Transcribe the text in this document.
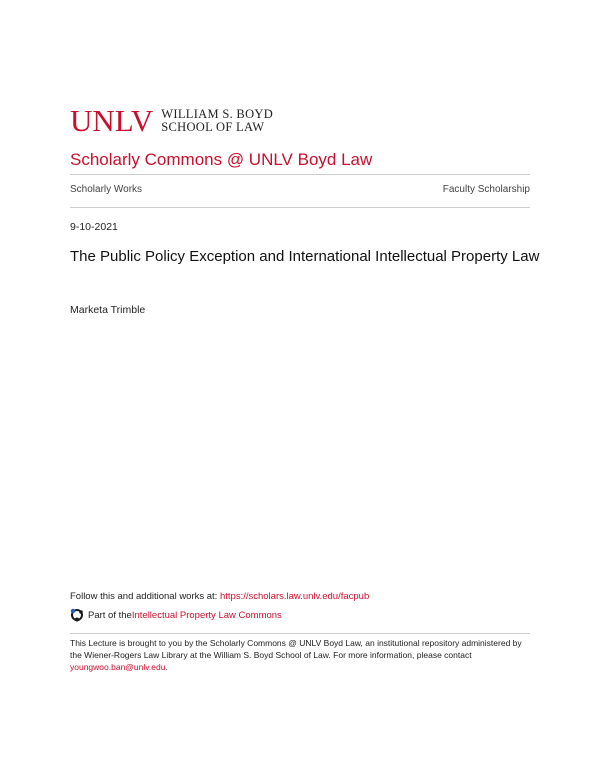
UNLV WILLIAM S. BOYD
SCHOOL OF LAW
Scholarly Commons @ UNLV Boyd Law
Scholarly Works	Faculty Scholarship
9-10-2021
The Public Policy Exception and International Intellectual Property Law
Marketa Trimble
Follow this and additional works at: https://scholars.law.unlv.edu/facpub
Part of the Intellectual Property Law Commons
This Lecture is brought to you by the Scholarly Commons @ UNLV Boyd Law, an institutional repository administered by the Wiener-Rogers Law Library at the William S. Boyd School of Law. For more information, please contact youngwoo.ban@unlv.edu.
